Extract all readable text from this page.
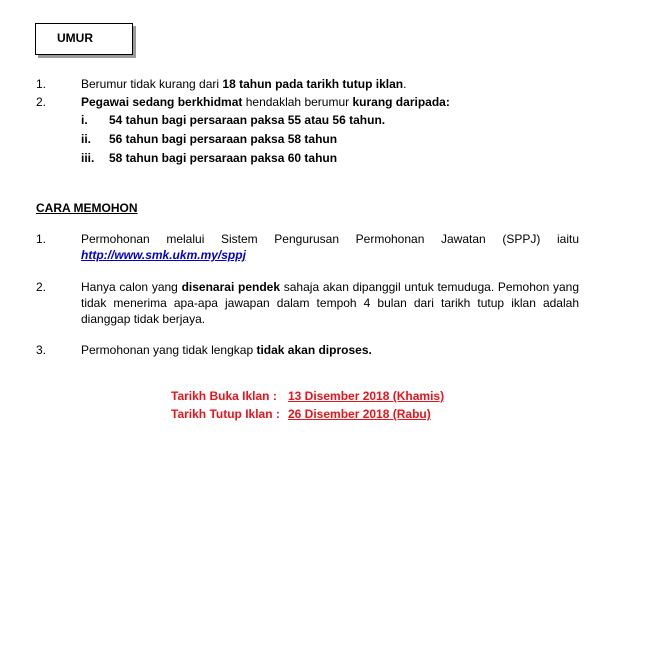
UMUR
1.	Berumur tidak kurang dari 18 tahun pada tarikh tutup iklan.
2.	Pegawai sedang berkhidmat hendaklah berumur kurang daripada:
i. 54 tahun bagi persaraan paksa 55 atau 56 tahun.
ii. 56 tahun bagi persaraan paksa 58 tahun
iii. 58 tahun bagi persaraan paksa 60 tahun
CARA MEMOHON
1.	Permohonan melalui Sistem Pengurusan Permohonan Jawatan (SPPJ) iaitu
http://www.smk.ukm.my/sppj
2.	Hanya calon yang disenarai pendek sahaja akan dipanggil untuk temuduga. Pemohon yang tidak menerima apa-apa jawapan dalam tempoh 4 bulan dari tarikh tutup iklan adalah dianggap tidak berjaya.
3.	Permohonan yang tidak lengkap tidak akan diproses.
Tarikh Buka Iklan : 13 Disember 2018 (Khamis)
Tarikh Tutup Iklan : 26 Disember 2018 (Rabu)
